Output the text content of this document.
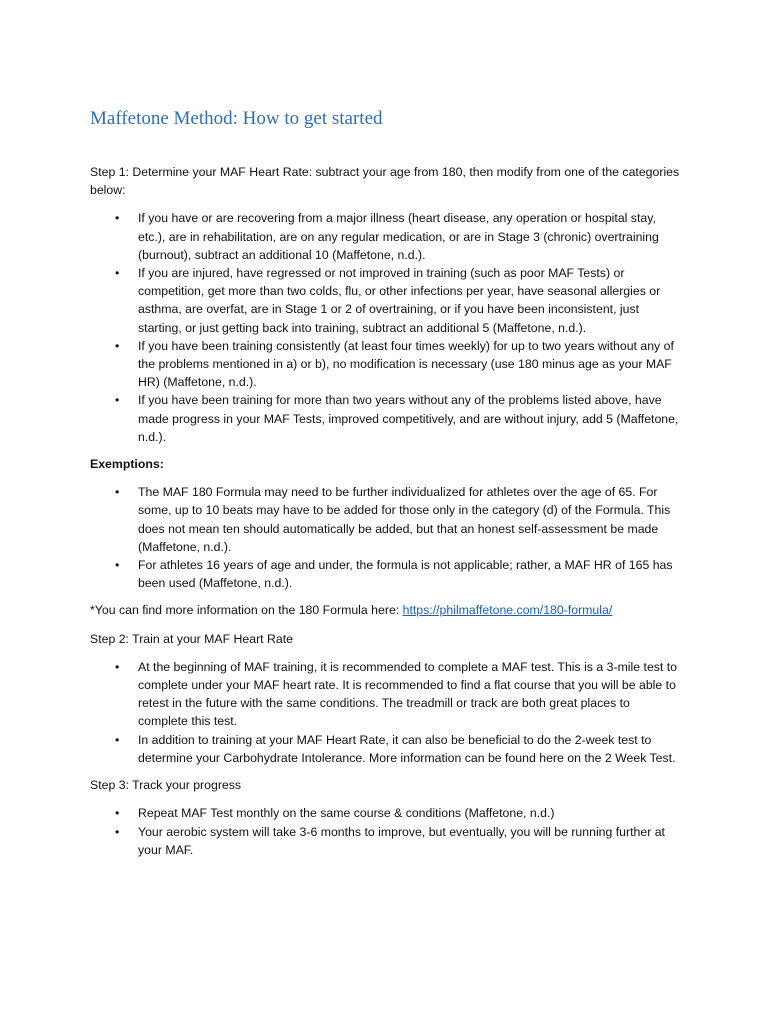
Maffetone Method: How to get started

Step 1: Determine your MAF Heart Rate: subtract your age from 180, then modify from one of the categories below:

• If you have or are recovering from a major illness (heart disease, any operation or hospital stay, etc.), are in rehabilitation, are on any regular medication, or are in Stage 3 (chronic) overtraining (burnout), subtract an additional 10 (Maffetone, n.d.).
• If you are injured, have regressed or not improved in training (such as poor MAF Tests) or competition, get more than two colds, flu, or other infections per year, have seasonal allergies or asthma, are overfat, are in Stage 1 or 2 of overtraining, or if you have been inconsistent, just starting, or just getting back into training, subtract an additional 5 (Maffetone, n.d.).
• If you have been training consistently (at least four times weekly) for up to two years without any of the problems mentioned in a) or b), no modification is necessary (use 180 minus age as your MAF HR) (Maffetone, n.d.).
• If you have been training for more than two years without any of the problems listed above, have made progress in your MAF Tests, improved competitively, and are without injury, add 5 (Maffetone, n.d.).

Exemptions:

• The MAF 180 Formula may need to be further individualized for athletes over the age of 65. For some, up to 10 beats may have to be added for those only in the category (d) of the Formula. This does not mean ten should automatically be added, but that an honest self-assessment be made (Maffetone, n.d.).
• For athletes 16 years of age and under, the formula is not applicable; rather, a MAF HR of 165 has been used (Maffetone, n.d.).

*You can find more information on the 180 Formula here: https://philmaffetone.com/180-formula/

Step 2: Train at your MAF Heart Rate

• At the beginning of MAF training, it is recommended to complete a MAF test. This is a 3-mile test to complete under your MAF heart rate. It is recommended to find a flat course that you will be able to retest in the future with the same conditions. The treadmill or track are both great places to complete this test.
• In addition to training at your MAF Heart Rate, it can also be beneficial to do the 2-week test to determine your Carbohydrate Intolerance. More information can be found here on the 2 Week Test.

Step 3: Track your progress

• Repeat MAF Test monthly on the same course & conditions (Maffetone, n.d.)
• Your aerobic system will take 3-6 months to improve, but eventually, you will be running further at your MAF.
